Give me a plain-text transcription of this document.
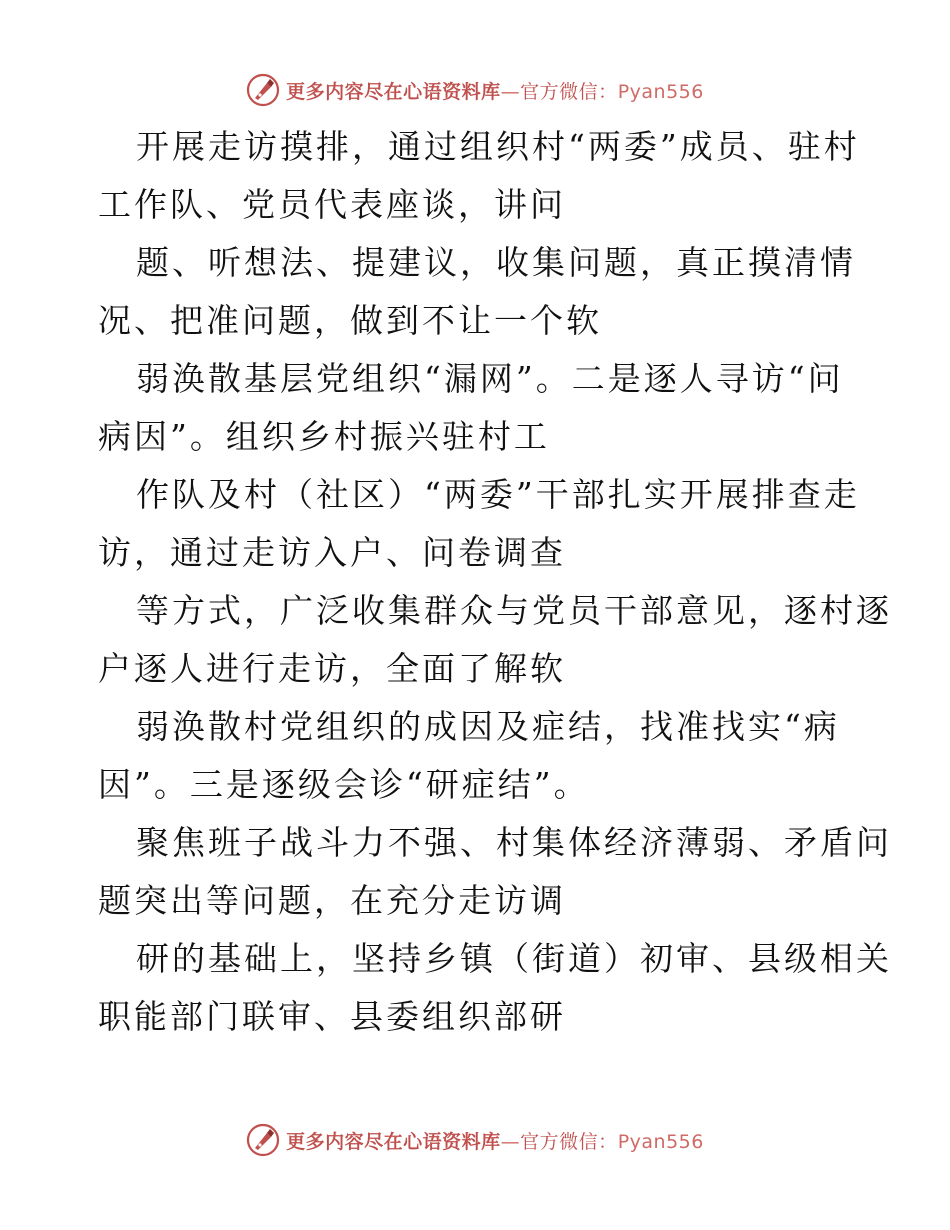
更多内容尽在心语资料库—官方微信：Pyan556
开展走访摸排，通过组织村“两委”成员、驻村
工作队、党员代表座谈，讲问
题、听想法、提建议，收集问题，真正摸清情
况、把准问题，做到不让一个软
弱涣散基层党组织“漏网”。二是逐人寻访“问
病因”。组织乡村振兴驻村工
作队及村（社区）“两委”干部扎实开展排查走
访，通过走访入户、问卷调查
等方式，广泛收集群众与党员干部意见，逐村逐
户逐人进行走访，全面了解软
弱涣散村党组织的成因及症结，找准找实“病
因”。三是逐级会诊“研症结”。
聚焦班子战斗力不强、村集体经济薄弱、矛盾问
题突出等问题，在充分走访调
研的基础上，坚持乡镇（街道）初审、县级相关
职能部门联审、县委组织部研
更多内容尽在心语资料库—官方微信：Pyan556
